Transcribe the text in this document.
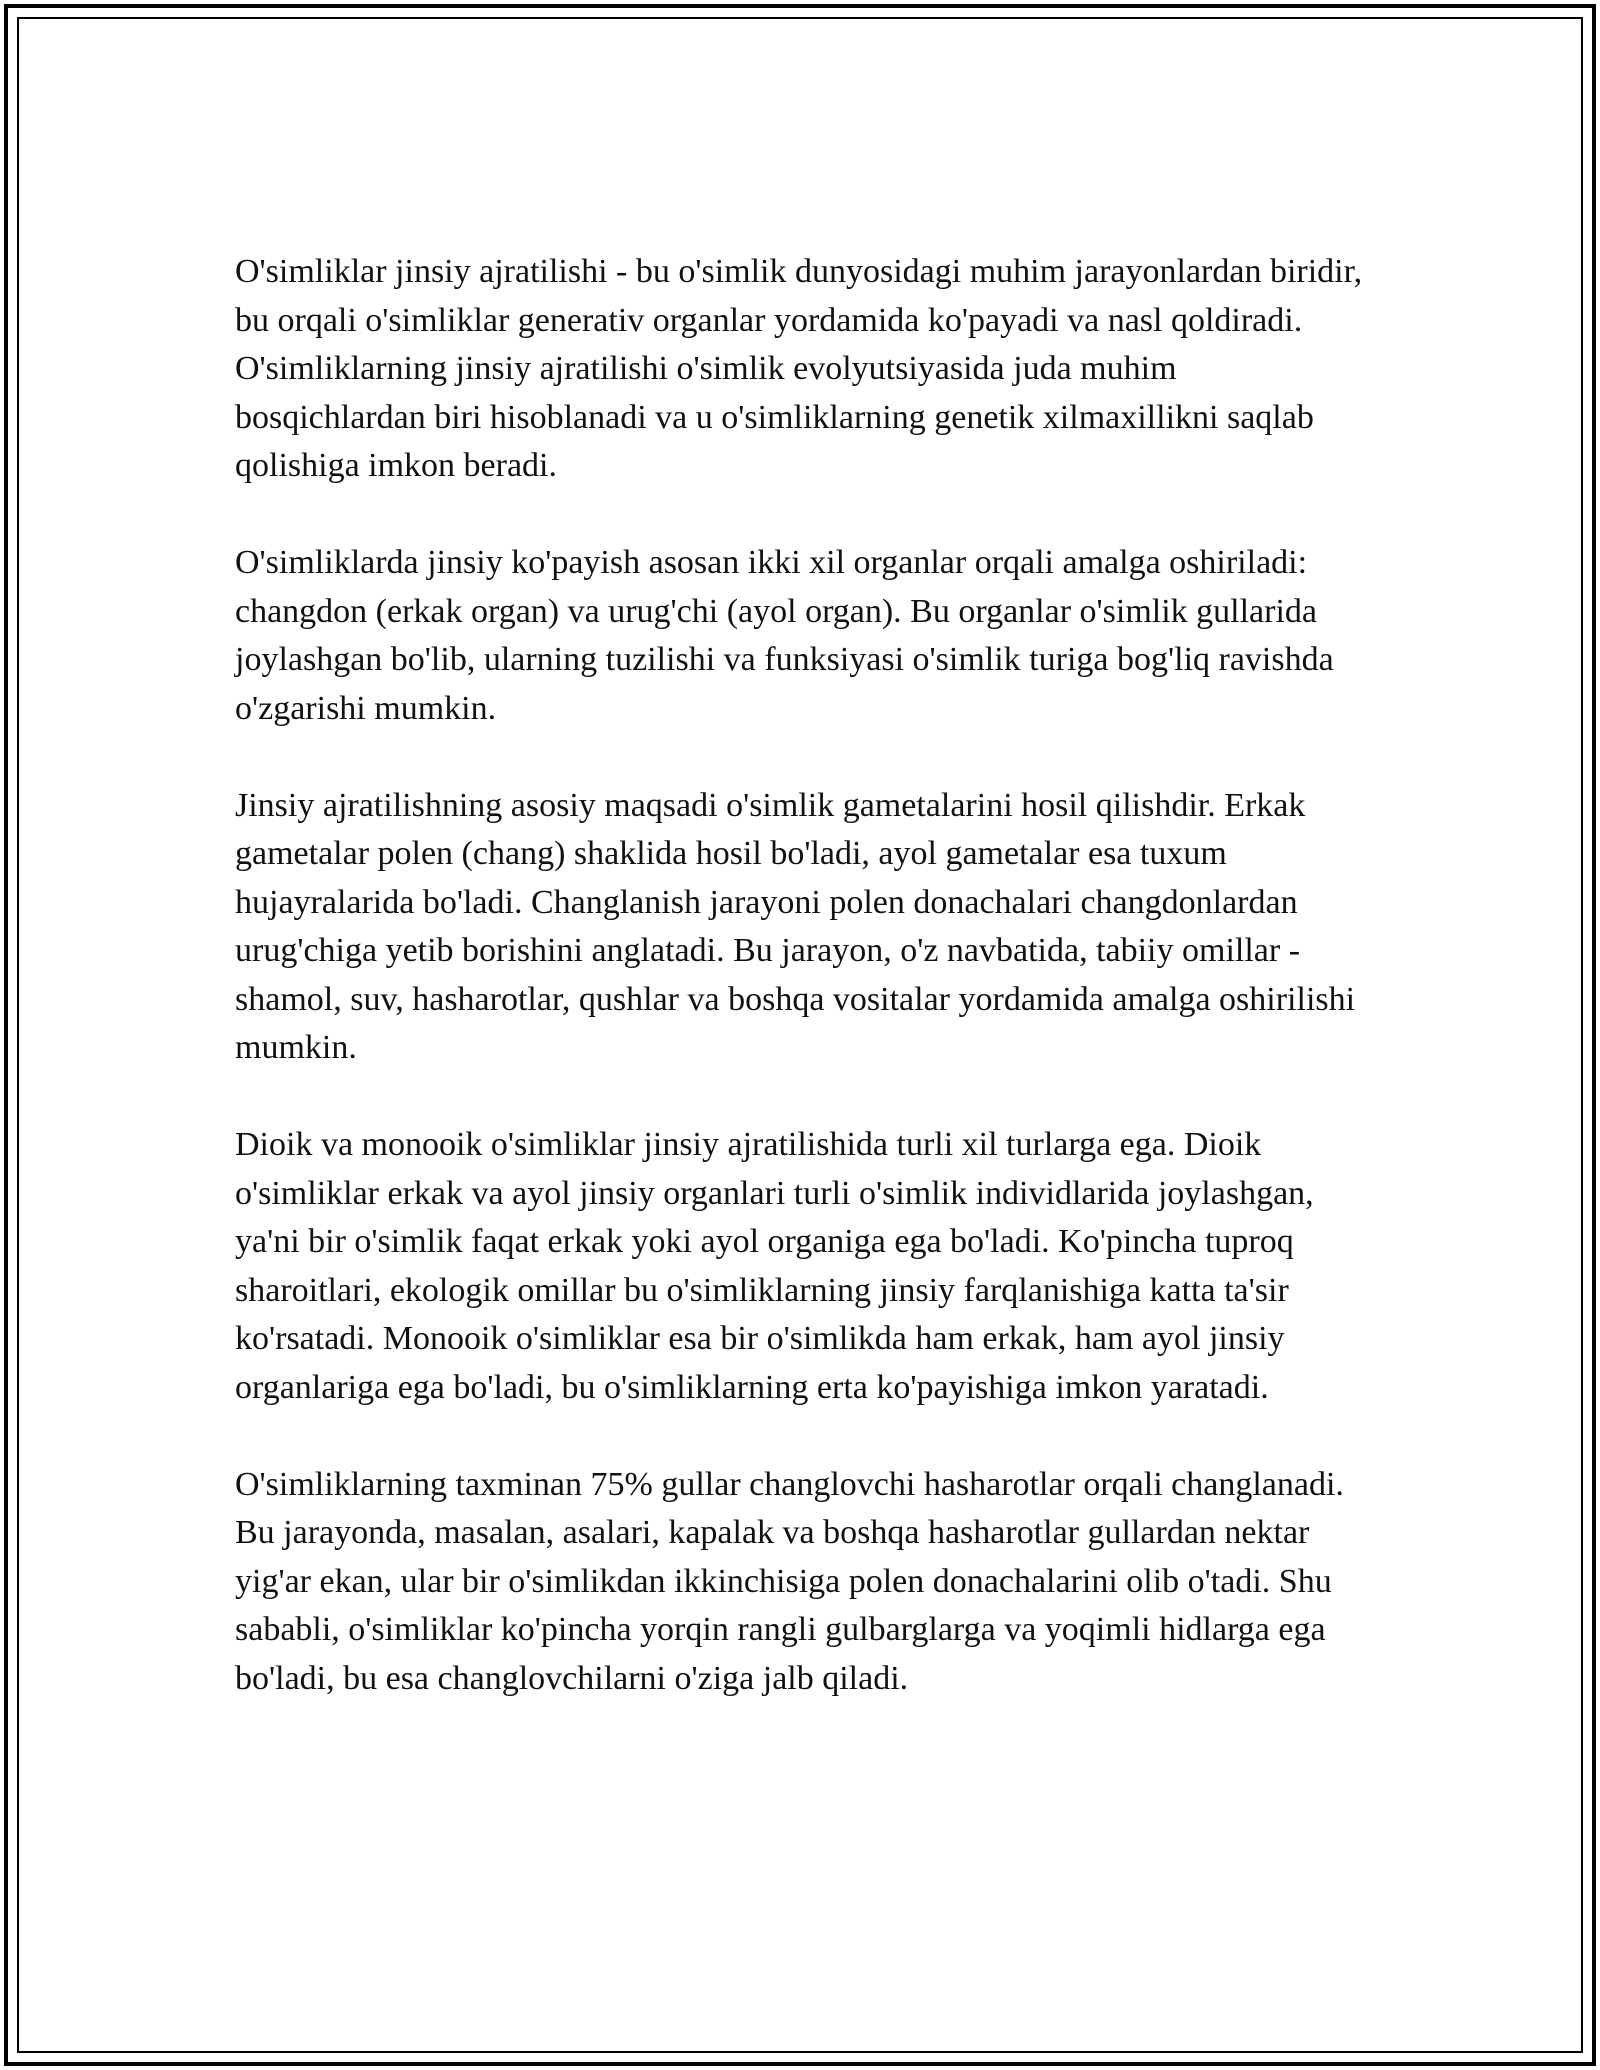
O'simliklar jinsiy ajratilishi - bu o'simlik dunyosidagi muhim jarayonlardan biridir, bu orqali o'simliklar generativ organlar yordamida ko'payadi va nasl qoldiradi. O'simliklarning jinsiy ajratilishi o'simlik evolyutsiyasida juda muhim bosqichlardan biri hisoblanadi va u o'simliklarning genetik xilmaxillikni saqlab qolishiga imkon beradi.

O'simliklarda jinsiy ko'payish asosan ikki xil organlar orqali amalga oshiriladi: changdon (erkak organ) va urug'chi (ayol organ). Bu organlar o'simlik gullarida joylashgan bo'lib, ularning tuzilishi va funksiyasi o'simlik turiga bog'liq ravishda o'zgarishi mumkin.

Jinsiy ajratilishning asosiy maqsadi o'simlik gametalarini hosil qilishdir. Erkak gametalar polen (chang) shaklida hosil bo'ladi, ayol gametalar esa tuxum hujayralarida bo'ladi. Changlanish jarayoni polen donachalari changdonlardan urug'chiga yetib borishini anglatadi. Bu jarayon, o'z navbatida, tabiiy omillar - shamol, suv, hasharotlar, qushlar va boshqa vositalar yordamida amalga oshirilishi mumkin.

Dioik va monooik o'simliklar jinsiy ajratilishida turli xil turlarga ega. Dioik o'simliklar erkak va ayol jinsiy organlari turli o'simlik individlarida joylashgan, ya'ni bir o'simlik faqat erkak yoki ayol organiga ega bo'ladi. Ko'pincha tuproq sharoitlari, ekologik omillar bu o'simliklarning jinsiy farqlanishiga katta ta'sir ko'rsatadi. Monooik o'simliklar esa bir o'simlikda ham erkak, ham ayol jinsiy organlariga ega bo'ladi, bu o'simliklarning erta ko'payishiga imkon yaratadi.

O'simliklarning taxminan 75% gullar changlovchi hasharotlar orqali changlanadi. Bu jarayonda, masalan, asalari, kapalak va boshqa hasharotlar gullardan nektar yig'ar ekan, ular bir o'simlikdan ikkinchisiga polen donachalarini olib o'tadi. Shu sababli, o'simliklar ko'pincha yorqin rangli gulbarglarga va yoqimli hidlarga ega bo'ladi, bu esa changlovchilarni o'ziga jalb qiladi.
